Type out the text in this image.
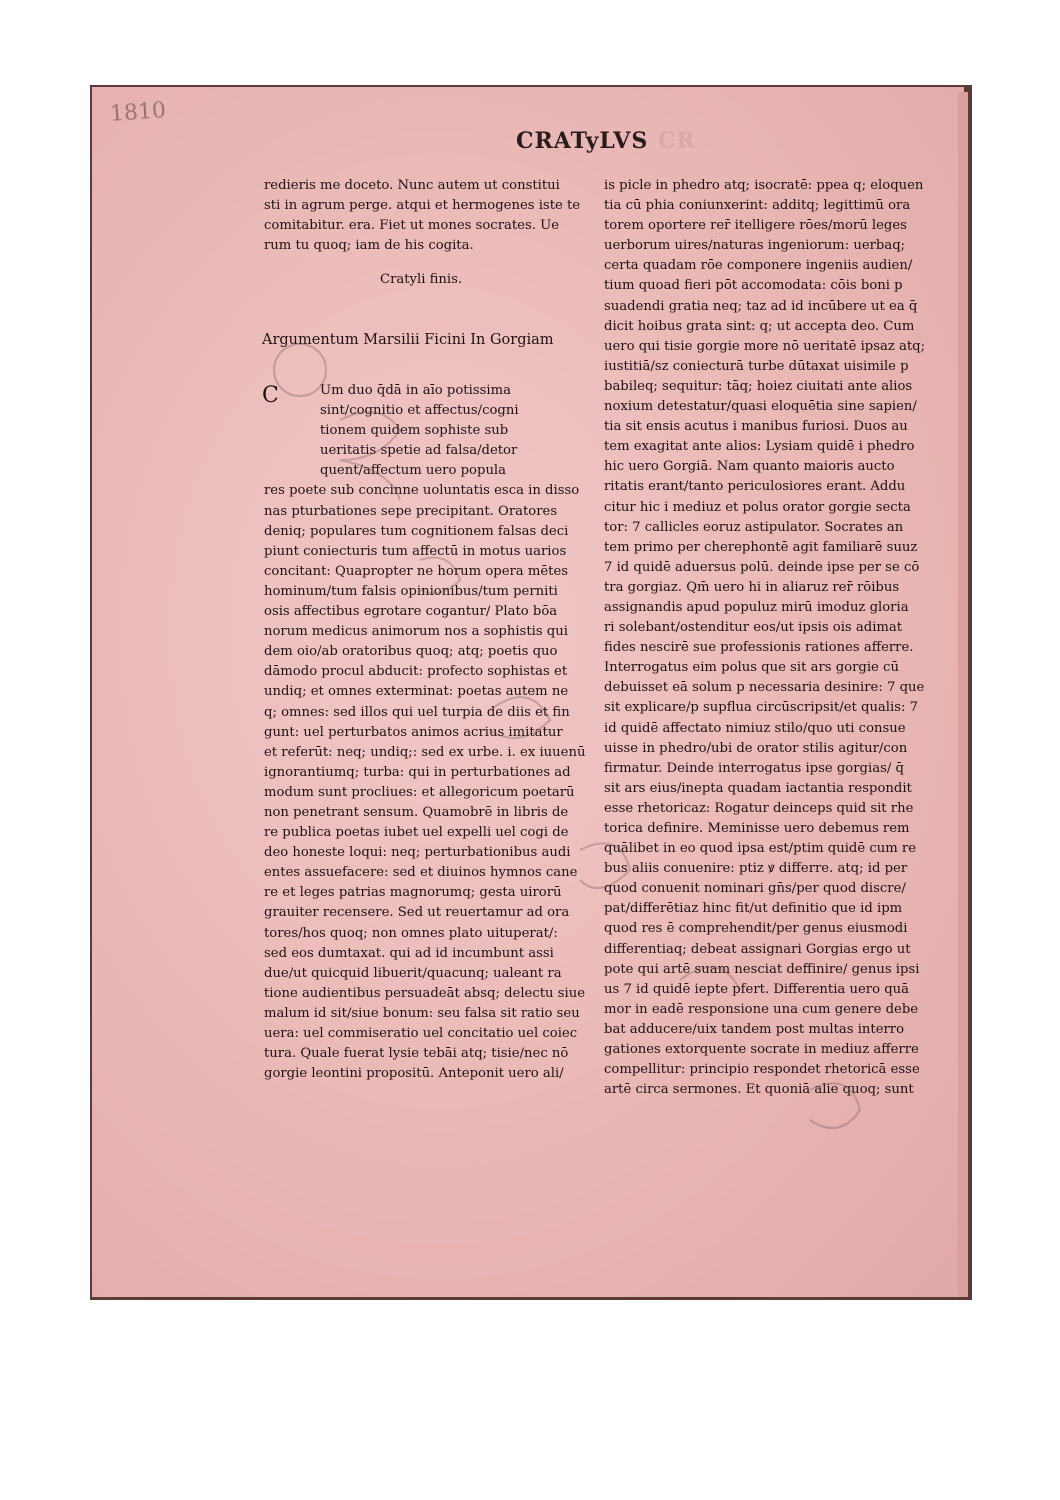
1810
CRATyLVS CR
redieris me doceto. Nunc autem ut constitui
sti in agrum perge. atqui et hermogenes iste te
comitabitur. era. Fiet ut mones socrates. Ue
rum tu quoq; iam de his cogita.
Cratyli finis.
Argumentum Marsilii Ficini In Gorgiam
C	Um duo q̄dā in aīo potissima
sint/cognitio et affectus/cogni
tionem quidem sophiste sub
ueritatis spetie ad falsa/detor
quent/affectum uero popula
res poete sub concinne uoluntatis esca in disso
nas pturbationes sepe precipitant. Oratores
deniq; populares tum cognitionem falsas deci
piunt coniecturis tum affectū in motus uarios
concitant: Quapropter ne horum opera mētes
hominum/tum falsis opinionibus/tum perniti
osis affectibus egrotare cogantur/ Plato bōa
norum medicus animorum nos a sophistis qui
dem oio/ab oratoribus quoq; atq; poetis quo
dāmodo procul abducit: profecto sophistas et
undiq; et omnes exterminat: poetas autem ne
q; omnes: sed illos qui uel turpia de diis et fin
gunt: uel perturbatos animos acrius imitatur
et referūt: neq; undiq;: sed ex urbe. i. ex iuuenū
ignorantiumq; turba: qui in perturbationes ad
modum sunt procliues: et allegoricum poetarū
non penetrant sensum. Quamobrē in libris de
re publica poetas iubet uel expelli uel cogi de
deo honeste loqui: neq; perturbationibus audi
entes assuefacere: sed et diuinos hymnos cane
re et leges patrias magnorumq; gesta uirorū
grauiter recensere. Sed ut reuertamur ad ora
tores/hos quoq; non omnes plato uituperat/:
sed eos dumtaxat. qui ad id incumbunt assi
due/ut quicquid libuerit/quacunq; ualeant ra
tione audientibus persuadeāt absq; delectu siue
malum id sit/siue bonum: seu falsa sit ratio seu
uera: uel commiseratio uel concitatio uel coiec
tura. Quale fuerat lysie tebāi atq; tisie/nec nō
gorgie leontini propositū. Anteponit uero ali/
is picle in phedro atq; isocratē: ppea q; eloquen
tia cū phia coniunxerint: additq; legittimū ora
torem oportere rer̄ itelligere rōes/morū leges
uerborum uires/naturas ingeniorum: uerbaq;
certa quadam rōe componere ingeniis audien/
tium quoad fieri pōt accomodata: cōis boni p
suadendi gratia neq; taz ad id incūbere ut ea q̄
dicit hoibus grata sint: q; ut accepta deo. Cum
uero qui tisie gorgie more nō ueritatē ipsaz atq;
iustitiā/sz coniecturā turbe dūtaxat uisimile p
babileq; sequitur: tāq; hoiez ciuitati ante alios
noxium detestatur/quasi eloquētia sine sapien/
tia sit ensis acutus i manibus furiosi. Duos au
tem exagitat ante alios: Lysiam quidē i phedro
hic uero Gorgiā. Nam quanto maioris aucto
ritatis erant/tanto periculosiores erant. Addu
citur hic i mediuz et polus orator gorgie secta
tor: 7 callicles eoruz astipulator. Socrates an
tem primo per cherephontē agit familiarē suuz
7 id quidē aduersus polū. deinde ipse per se cō
tra gorgiaz. Qm̄ uero hi in aliaruz rer̄ rōibus
assignandis apud populuz mirū imoduz gloria
ri solebant/ostenditur eos/ut ipsis ois adimat
fides nescirē sue professionis rationes afferre.
Interrogatus eim polus que sit ars gorgie cū
debuisset eā solum p necessaria desinire: 7 que
sit explicare/p supflua circūscripsit/et qualis: 7
id quidē affectato nimiuz stilo/quo uti consue
uisse in phedro/ubi de orator stilis agitur/con
firmatur. Deinde interrogatus ipse gorgias/ q̄
sit ars eius/inepta quadam iactantia respondit
esse rhetoricaz: Rogatur deinceps quid sit rhe
torica definire. Meminisse uero debemus rem
quālibet in eo quod ipsa est/ptim quidē cum re
bus aliis conuenire: ptiz ꝟ differre. atq; id per
quod conuenit nominari gn̄s/per quod discre/
pat/differētiaz hinc fit/ut definitio que id ipm
quod res ē comprehendit/per genus eiusmodi
differentiaq; debeat assignari Gorgias ergo ut
pote qui artē suam nesciat deffinire/ genus ipsi
us 7 id quidē iepte pfert. Differentia uero quā
mor in eadē responsione una cum genere debe
bat adducere/uix tandem post multas interro
gationes extorquente socrate in mediuz afferre
compellitur: principio respondet rhetoricā esse
artē circa sermones. Et quoniā alie quoq; sunt
